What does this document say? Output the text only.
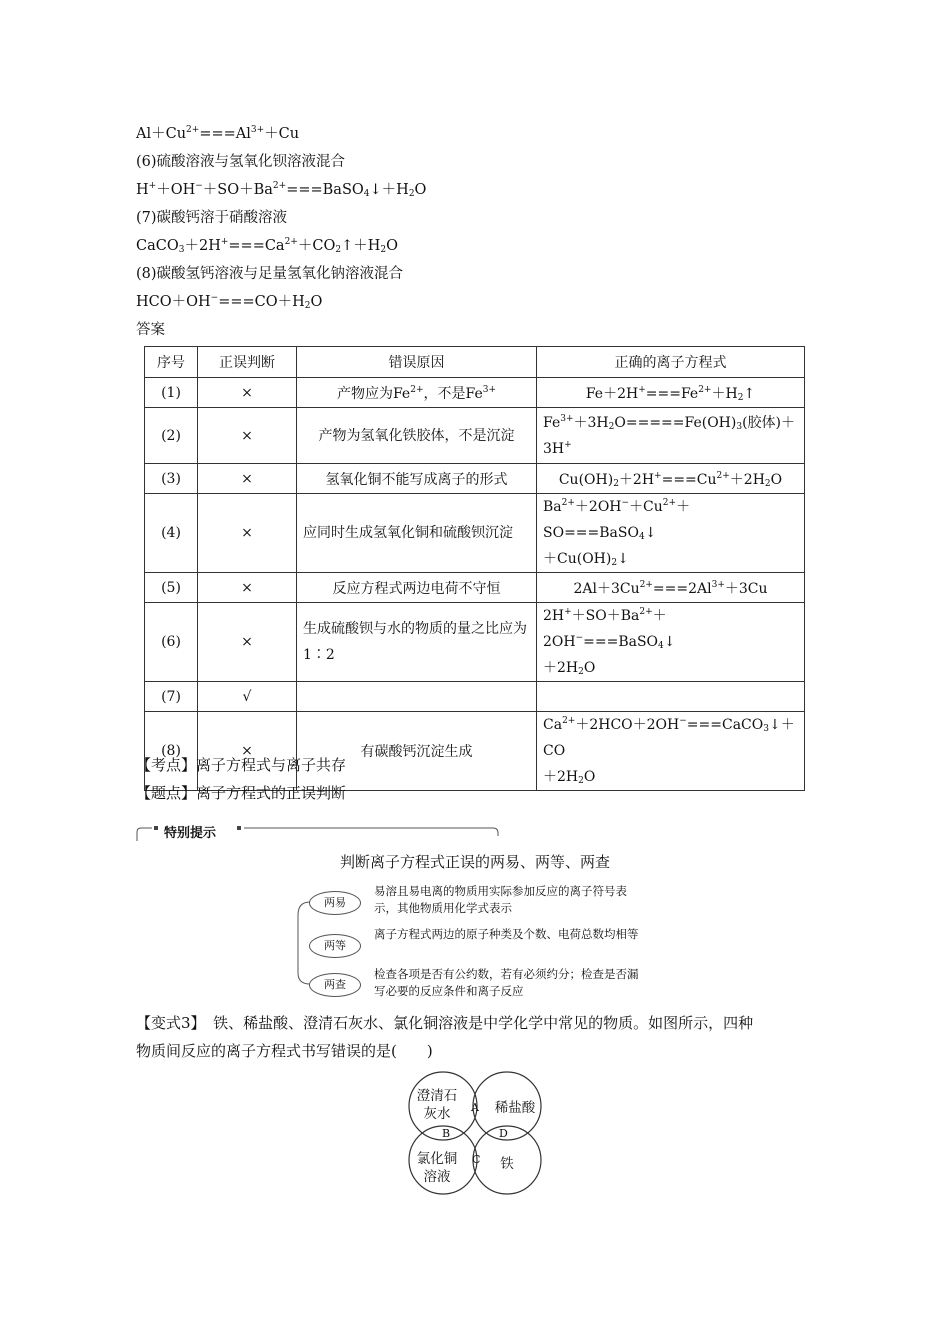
$Al+Cu^{2+}===Al^{3+}+Cu$
(6)硫酸溶液与氢氧化钡溶液混合
$H^++OH^-+SO+Ba^{2+}===BaSO_4↓+H_2O$
(7)碳酸钙溶于硝酸溶液
$CaCO_3+2H^+===Ca^{2+}+CO_2↑+H_2O$
(8)碳酸氢钙溶液与足量氢氧化钠溶液混合
$HCO+OH^-===CO+H_2O$
答案
序号	正误判断	错误原因	正确的离子方程式
(1)	×	产物应为$Fe^{2+}$，不是$Fe^{3+}$	$Fe+2H^+===Fe^{2+}+H_2↑$
(2)	×	产物为氢氧化铁胶体，不是沉淀	$Fe^{3+}+3H_2O=====Fe(OH)_3$(胶体)＋
3H+
(3)	×	氢氧化铜不能写成离子的形式	$Cu(OH)_2+2H^+===Cu^{2+}+2H_2O$
(4)	×	应同时生成氢氧化铜和硫酸钡沉淀	$Ba^{2+}+2OH^-+Cu^{2+}+SO===BaSO_4↓$
$+Cu(OH)_2↓$
(5)	×	反应方程式两边电荷不守恒	$2Al+3Cu^{2+}===2Al^{3+}+3Cu$
(6)	×	生成硫酸钡与水的物质的量之比应为1∶2	$2H^++SO+Ba^{2+}+2OH^-===BaSO_4↓$
$+2H_2O$
(7)	√		
(8)	×	有碳酸钙沉淀生成	$Ca^{2+}+2HCO+2OH^-===CaCO_3↓+CO$
$+2H_2O$
【考点】离子方程式与离子共存
【题点】离子方程式的正误判断
特别提示
判断离子方程式正误的两易、两等、两查
两易
两等
两查
易溶且易电离的物质用实际参加反应的离子符号表示，其他物质用化学式表示
离子方程式两边的原子种类及个数、电荷总数均相等
检查各项是否有公约数，若有必须约分；检查是否漏写必要的反应条件和离子反应
【变式3】　 铁、稀盐酸、澄清石灰水、氯化铜溶液是中学化学中常见的物质。如图所示，四种
物质间反应的离子方程式书写错误的是(　　)
澄清石灰水	稀盐酸
氯化铜溶液
铁
A
B
C
D
